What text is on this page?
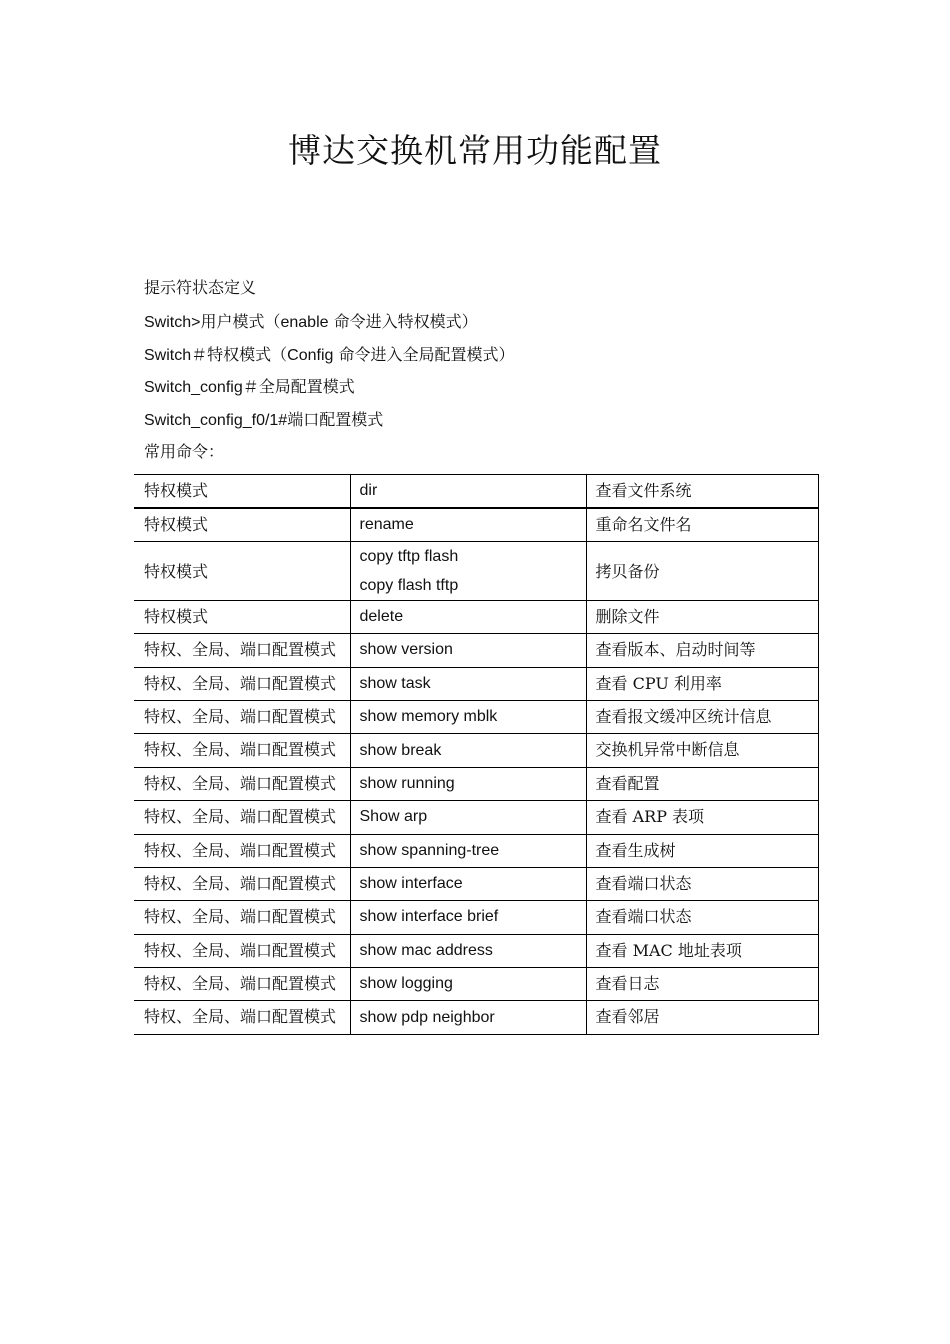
博达交换机常用功能配置
提示符状态定义
Switch>用户模式（enable 命令进入特权模式）
Switch＃特权模式（Config 命令进入全局配置模式）
Switch_config＃全局配置模式
Switch_config_f0/1#端口配置模式
常用命令：
特权模式	dir	查看文件系统
特权模式	rename	重命名文件名
特权模式	copy tftp flash
copy flash tftp	拷贝备份
特权模式	delete	删除文件
特权、全局、端口配置模式	show version	查看版本、启动时间等
特权、全局、端口配置模式	show task	查看 CPU 利用率
特权、全局、端口配置模式	show memory mblk	查看报文缓冲区统计信息
特权、全局、端口配置模式	show break	交换机异常中断信息
特权、全局、端口配置模式	show running	查看配置
特权、全局、端口配置模式	Show arp	查看 ARP 表项
特权、全局、端口配置模式	show spanning-tree	查看生成树
特权、全局、端口配置模式	show interface	查看端口状态
特权、全局、端口配置模式	show interface brief	查看端口状态
特权、全局、端口配置模式	show mac address	查看 MAC 地址表项
特权、全局、端口配置模式	show logging	查看日志
特权、全局、端口配置模式	show pdp neighbor	查看邻居
